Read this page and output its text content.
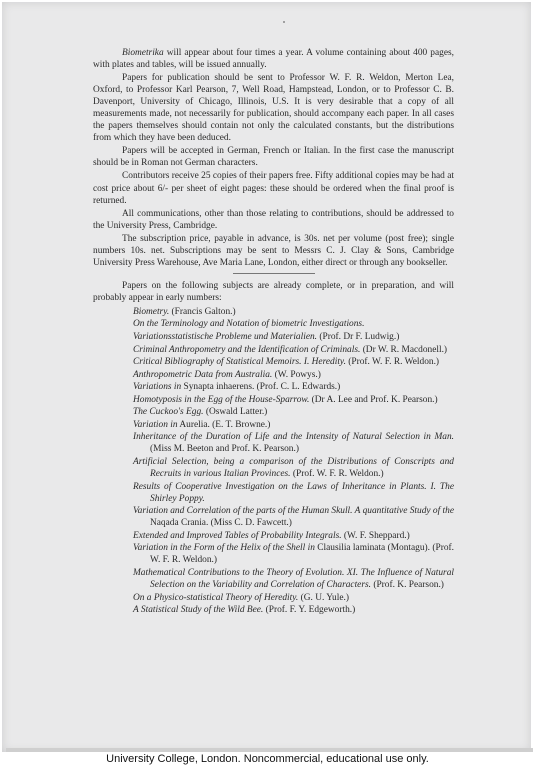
Biometrika will appear about four times a year. A volume containing about 400 pages, with plates and tables, will be issued annually.

Papers for publication should be sent to Professor W. F. R. Weldon, Merton Lea, Oxford, to Professor Karl Pearson, 7, Well Road, Hampstead, London, or to Professor C. B. Davenport, University of Chicago, Illinois, U.S. It is very desirable that a copy of all measurements made, not necessarily for publication, should accompany each paper. In all cases the papers themselves should contain not only the calculated constants, but the distributions from which they have been deduced.

Papers will be accepted in German, French or Italian. In the first case the manuscript should be in Roman not German characters.

Contributors receive 25 copies of their papers free. Fifty additional copies may be had at cost price about 6/- per sheet of eight pages: these should be ordered when the final proof is returned.

All communications, other than those relating to contributions, should be addressed to the University Press, Cambridge.

The subscription price, payable in advance, is 30s. net per volume (post free); single numbers 10s. net. Subscriptions may be sent to Messrs C. J. Clay & Sons, Cambridge University Press Warehouse, Ave Maria Lane, London, either direct or through any bookseller.

Papers on the following subjects are already complete, or in preparation, and will probably appear in early numbers:

Biometry. (Francis Galton.)
On the Terminology and Notation of biometric Investigations.
Variationsstatistische Probleme und Materialien. (Prof. Dr F. Ludwig.)
Criminal Anthropometry and the Identification of Criminals. (Dr W. R. Macdonell.)
Critical Bibliography of Statistical Memoirs. I. Heredity. (Prof. W. F. R. Weldon.)
Anthropometric Data from Australia. (W. Powys.)
Variations in Synapta inhaerens. (Prof. C. L. Edwards.)
Homotyposis in the Egg of the House-Sparrow. (Dr A. Lee and Prof. K. Pearson.)
The Cuckoo's Egg. (Oswald Latter.)
Variation in Aurelia. (E. T. Browne.)
Inheritance of the Duration of Life and the Intensity of Natural Selection in Man. (Miss M. Beeton and Prof. K. Pearson.)
Artificial Selection, being a comparison of the Distributions of Conscripts and Recruits in various Italian Provinces. (Prof. W. F. R. Weldon.)
Results of Cooperative Investigation on the Laws of Inheritance in Plants. I. The Shirley Poppy.
Variation and Correlation of the parts of the Human Skull. A quantitative Study of the Naqada Crania. (Miss C. D. Fawcett.)
Extended and Improved Tables of Probability Integrals. (W. F. Sheppard.)
Variation in the Form of the Helix of the Shell in Clausilia laminata (Montagu). (Prof. W. F. R. Weldon.)
Mathematical Contributions to the Theory of Evolution. XI. The Influence of Natural Selection on the Variability and Correlation of Characters. (Prof. K. Pearson.)
On a Physico-statistical Theory of Heredity. (G. U. Yule.)
A Statistical Study of the Wild Bee. (Prof. F. Y. Edgeworth.)
University College, London. Noncommercial, educational use only.
